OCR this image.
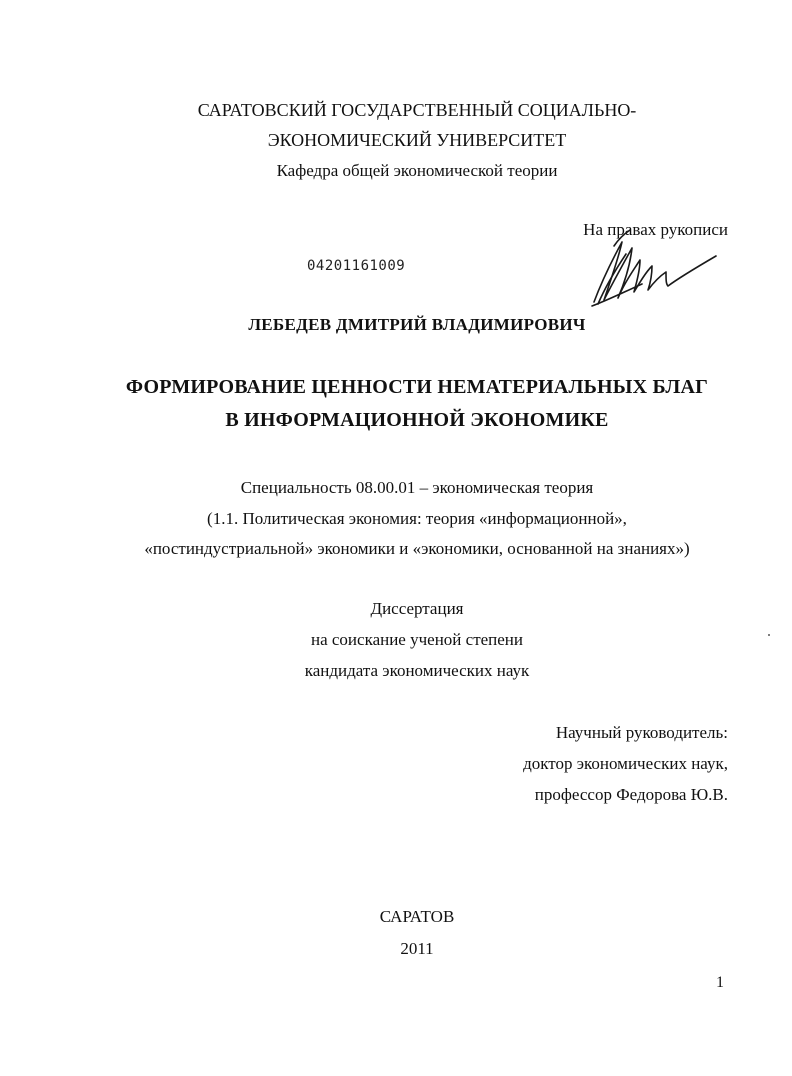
САРАТОВСКИЙ ГОСУДАРСТВЕННЫЙ СОЦИАЛЬНО-
ЭКОНОМИЧЕСКИЙ УНИВЕРСИТЕТ
Кафедра общей экономической теории
На правах рукописи
04201161009
ЛЕБЕДЕВ ДМИТРИЙ ВЛАДИМИРОВИЧ
ФОРМИРОВАНИЕ ЦЕННОСТИ НЕМАТЕРИАЛЬНЫХ БЛАГ
В ИНФОРМАЦИОННОЙ ЭКОНОМИКЕ
Специальность 08.00.01 – экономическая теория
(1.1. Политическая экономия: теория «информационной»,
«постиндустриальной» экономики и «экономики, основанной на знаниях»)
Диссертация
на соискание ученой степени
кандидата экономических наук
Научный руководитель:
доктор экономических наук,
профессор Федорова Ю.В.
САРАТОВ
2011
1
